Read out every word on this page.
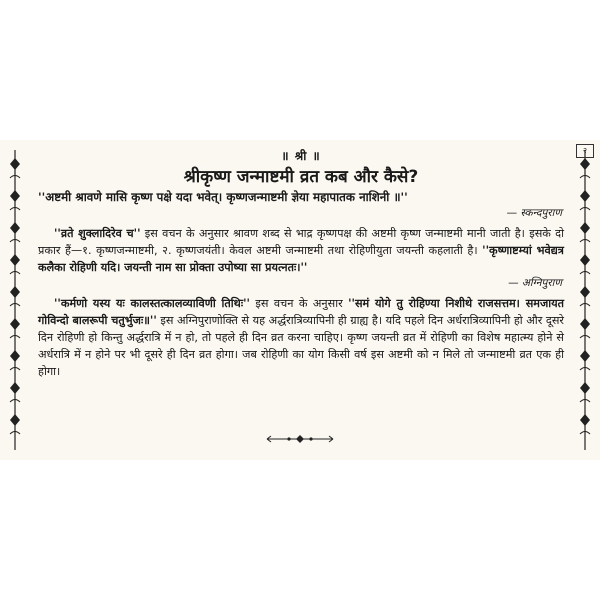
२
॥ श्री ॥
श्रीकृष्ण जन्माष्टमी व्रत कब और कैसे?
''अष्टमी श्रावणे मासि कृष्ण पक्षे यदा भवेत्। कृष्णजन्माष्टमी ज्ञेया महापातक नाशिनी ॥''
— स्कन्दपुराण

''व्रते शुक्लादिरेव च'' इस वचन के अनुसार श्रावण शब्द से भाद्र कृष्णपक्ष की अष्टमी कृष्ण जन्माष्टमी मानी जाती है। इसके दो प्रकार हैं—१. कृष्णजन्माष्टमी, २. कृष्णजयंती। केवल अष्टमी जन्माष्टमी तथा रोहिणीयुता जयन्ती कहलाती है। ''कृष्णाष्टम्यां भवेद्यत्र कलैका रोहिणी यदि। जयन्ती नाम सा प्रोक्ता उपोष्या सा प्रयत्नतः।''

— अग्निपुराण

''कर्मणो यस्य यः कालस्तत्कालव्याविणी तिथिः'' इस वचन के अनुसार ''समं योगे तु रोहिण्या निशीथे राजसत्तम। समजायत गोविन्दो बालरूपी चतुर्भुजः॥'' इस अग्निपुराणोक्ति से यह अर्द्धरात्रिव्यापिनी ही ग्राह्य है। यदि पहले दिन अर्धरात्रिव्यापिनी हो और दूसरे दिन रोहिणी हो किन्तु अर्द्धरात्रि में न हो, तो पहले ही दिन व्रत करना चाहिए। कृष्ण जयन्ती व्रत में रोहिणी का विशेष महात्म्य होने से अर्धरात्रि में न होने पर भी दूसरे ही दिन व्रत होगा। जब रोहिणी का योग किसी वर्ष इस अष्टमी को न मिले तो जन्माष्टमी व्रत एक ही होगा।
